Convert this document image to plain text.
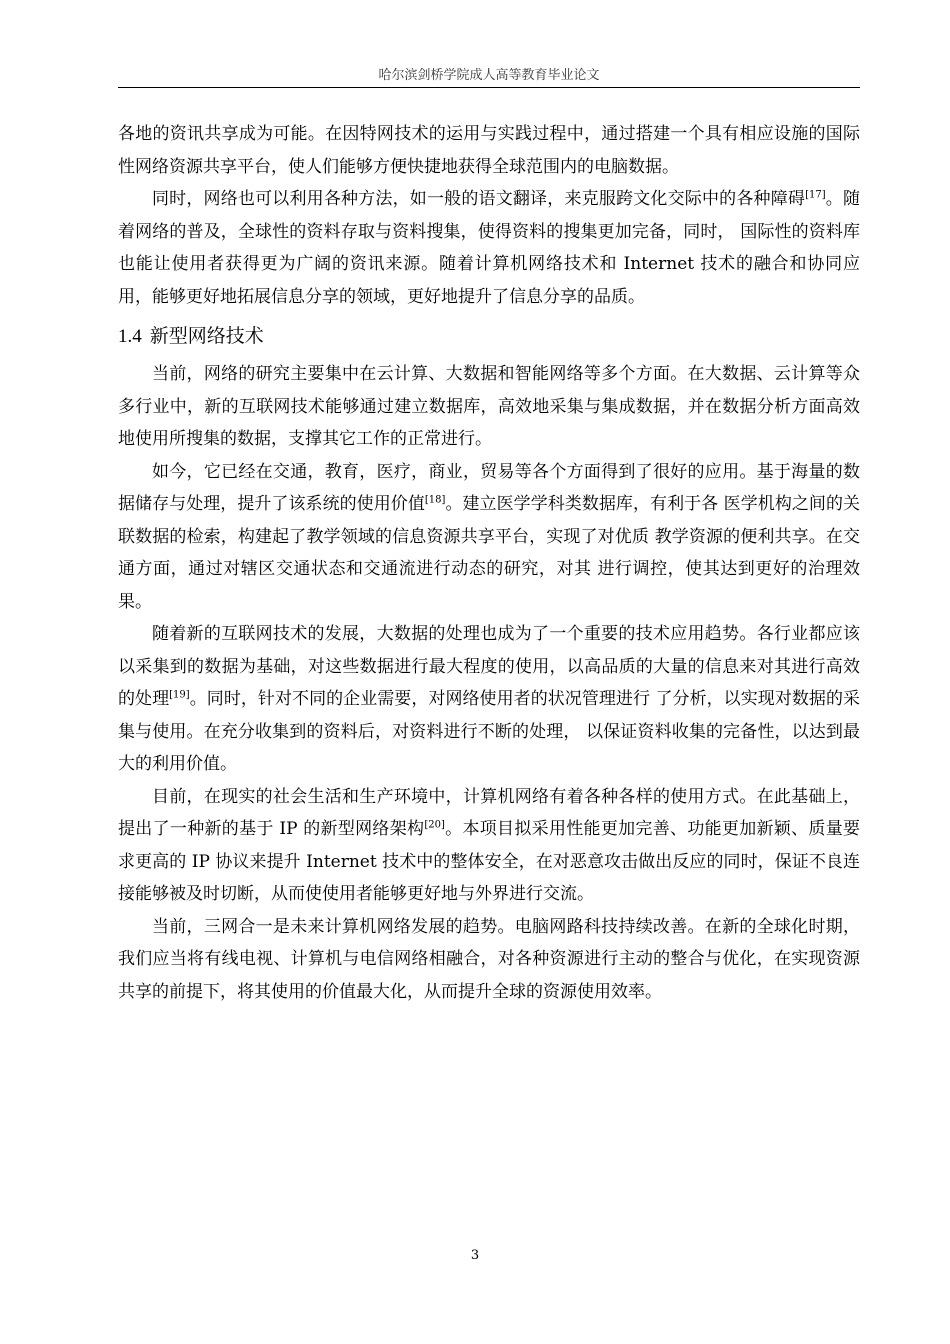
哈尔滨剑桥学院成人高等教育毕业论文

各地的资讯共享成为可能。在因特网技术的运用与实践过程中，通过搭建一个具有相应设施的国际性网络资源共享平台，使人们能够方便快捷地获得全球范围内的电脑数据。

同时，网络也可以利用各种方法，如一般的语文翻译，来克服跨文化交际中的各种障碍[17]。随着网络的普及，全球性的资料存取与资料搜集，使得资料的搜集更加完备，同时， 国际性的资料库也能让使用者获得更为广阔的资讯来源。随着计算机网络技术和 Internet 技术的融合和协同应用，能够更好地拓展信息分享的领域，更好地提升了信息分享的品质。

1.4 新型网络技术

当前，网络的研究主要集中在云计算、大数据和智能网络等多个方面。在大数据、云计算等众多行业中，新的互联网技术能够通过建立数据库，高效地采集与集成数据，并在数据分析方面高效地使用所搜集的数据，支撑其它工作的正常进行。

如今，它已经在交通，教育，医疗，商业，贸易等各个方面得到了很好的应用。基于海量的数据储存与处理，提升了该系统的使用价值[18]。建立医学学科类数据库，有利于各 医学机构之间的关联数据的检索，构建起了教学领域的信息资源共享平台，实现了对优质 教学资源的便利共享。在交通方面，通过对辖区交通状态和交通流进行动态的研究，对其 进行调控，使其达到更好的治理效果。

随着新的互联网技术的发展，大数据的处理也成为了一个重要的技术应用趋势。各行业都应该以采集到的数据为基础，对这些数据进行最大程度的使用，以高品质的大量的信息来对其进行高效的处理[19]。同时，针对不同的企业需要，对网络使用者的状况管理进行 了分析，以实现对数据的采集与使用。在充分收集到的资料后，对资料进行不断的处理， 以保证资料收集的完备性，以达到最大的利用价值。

目前，在现实的社会生活和生产环境中，计算机网络有着各种各样的使用方式。在此基础上，提出了一种新的基于 IP 的新型网络架构[20]。本项目拟采用性能更加完善、功能更加新颖、质量要求更高的 IP 协议来提升 Internet 技术中的整体安全，在对恶意攻击做出反应的同时，保证不良连接能够被及时切断，从而使使用者能够更好地与外界进行交流。

当前，三网合一是未来计算机网络发展的趋势。电脑网路科技持续改善。在新的全球化时期，我们应当将有线电视、计算机与电信网络相融合，对各种资源进行主动的整合与优化，在实现资源共享的前提下，将其使用的价值最大化，从而提升全球的资源使用效率。

3
